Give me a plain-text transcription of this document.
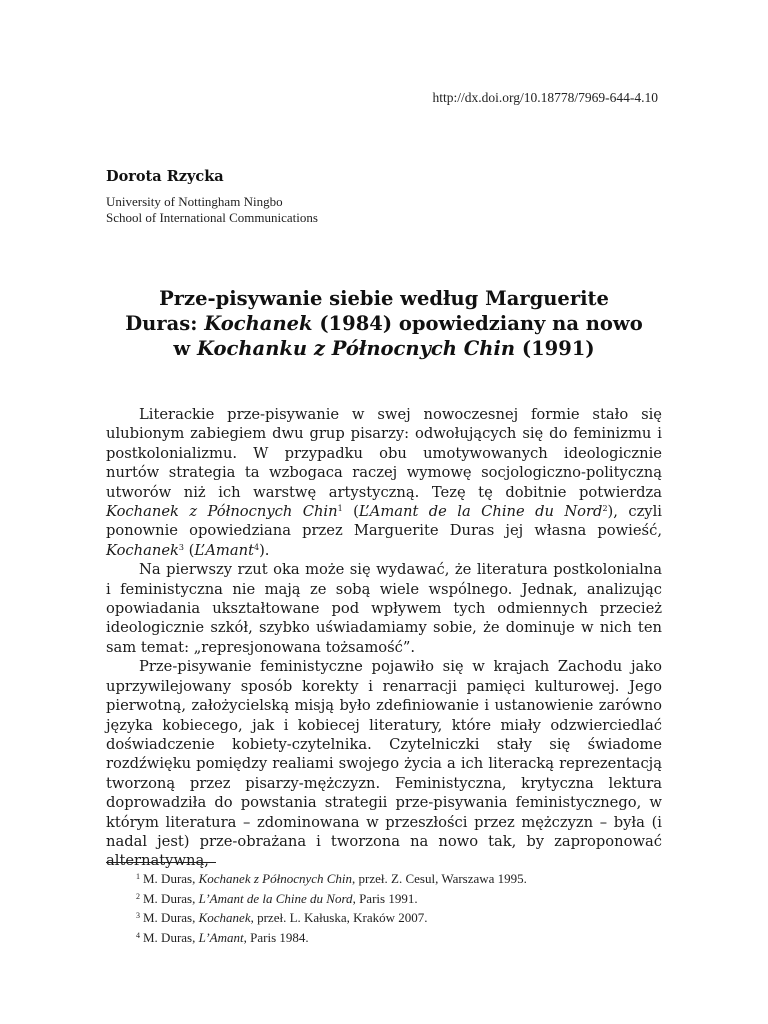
http://dx.doi.org/10.18778/7969-644-4.10
Dorota Rzycka
University of Nottingham Ningbo
School of International Communications
Prze-pisywanie siebie według Marguerite
Duras: Kochanek (1984) opowiedziany na nowo
w Kochanku z Północnych Chin (1991)

Literackie prze-pisywanie w swej nowoczesnej formie stało się ulubionym zabiegiem dwu grup pisarzy: odwołujących się do feminizmu i postkolonializmu. W przypadku obu umotywowanych ideologicznie nurtów strategia ta wzbogaca raczej wymowę socjologiczno-polityczną utworów niż ich warstwę artystyczną. Tezę tę dobitnie potwierdza Kochanek z Północnych Chin$^1$ (L’Amant de la Chine du Nord$^2$), czyli ponownie opowiedziana przez Marguerite Duras jej własna powieść, Kochanek$^3$ (L’Amant$^4$).

Na pierwszy rzut oka może się wydawać, że literatura postkolonialna i feministyczna nie mają ze sobą wiele wspólnego. Jednak, analizując opowiadania ukształtowane pod wpływem tych odmiennych przecież ideologicznie szkół, szybko uświadamiamy sobie, że dominuje w nich ten sam temat: „represjonowana tożsamość”.

Prze-pisywanie feministyczne pojawiło się w krajach Zachodu jako uprzywilejowany sposób korekty i renarracji pamięci kulturowej. Jego pierwotną, założycielską misją było zdefiniowanie i ustanowienie zarówno języka kobiecego, jak i kobiecej literatury, które miały odzwierciedlać doświadczenie kobiety-czytelnika. Czytelniczki stały się świadome rozdźwięku pomiędzy realiami swojego życia a ich literacką reprezentacją tworzoną przez pisarzy-mężczyzn. Feministyczna, krytyczna lektura doprowadziła do powstania strategii prze-pisywania feministycznego, w którym literatura – zdominowana w przeszłości przez mężczyzn – była (i nadal jest) prze-obrażana i tworzona na nowo tak, by zaproponować alternatywną,

$^1$ M. Duras, Kochanek z Północnych Chin, przeł. Z. Cesul, Warszawa 1995.
$^2$ M. Duras, L’Amant de la Chine du Nord, Paris 1991.
$^3$ M. Duras, Kochanek, przeł. L. Kałuska, Kraków 2007.
$^4$ M. Duras, L’Amant, Paris 1984.
